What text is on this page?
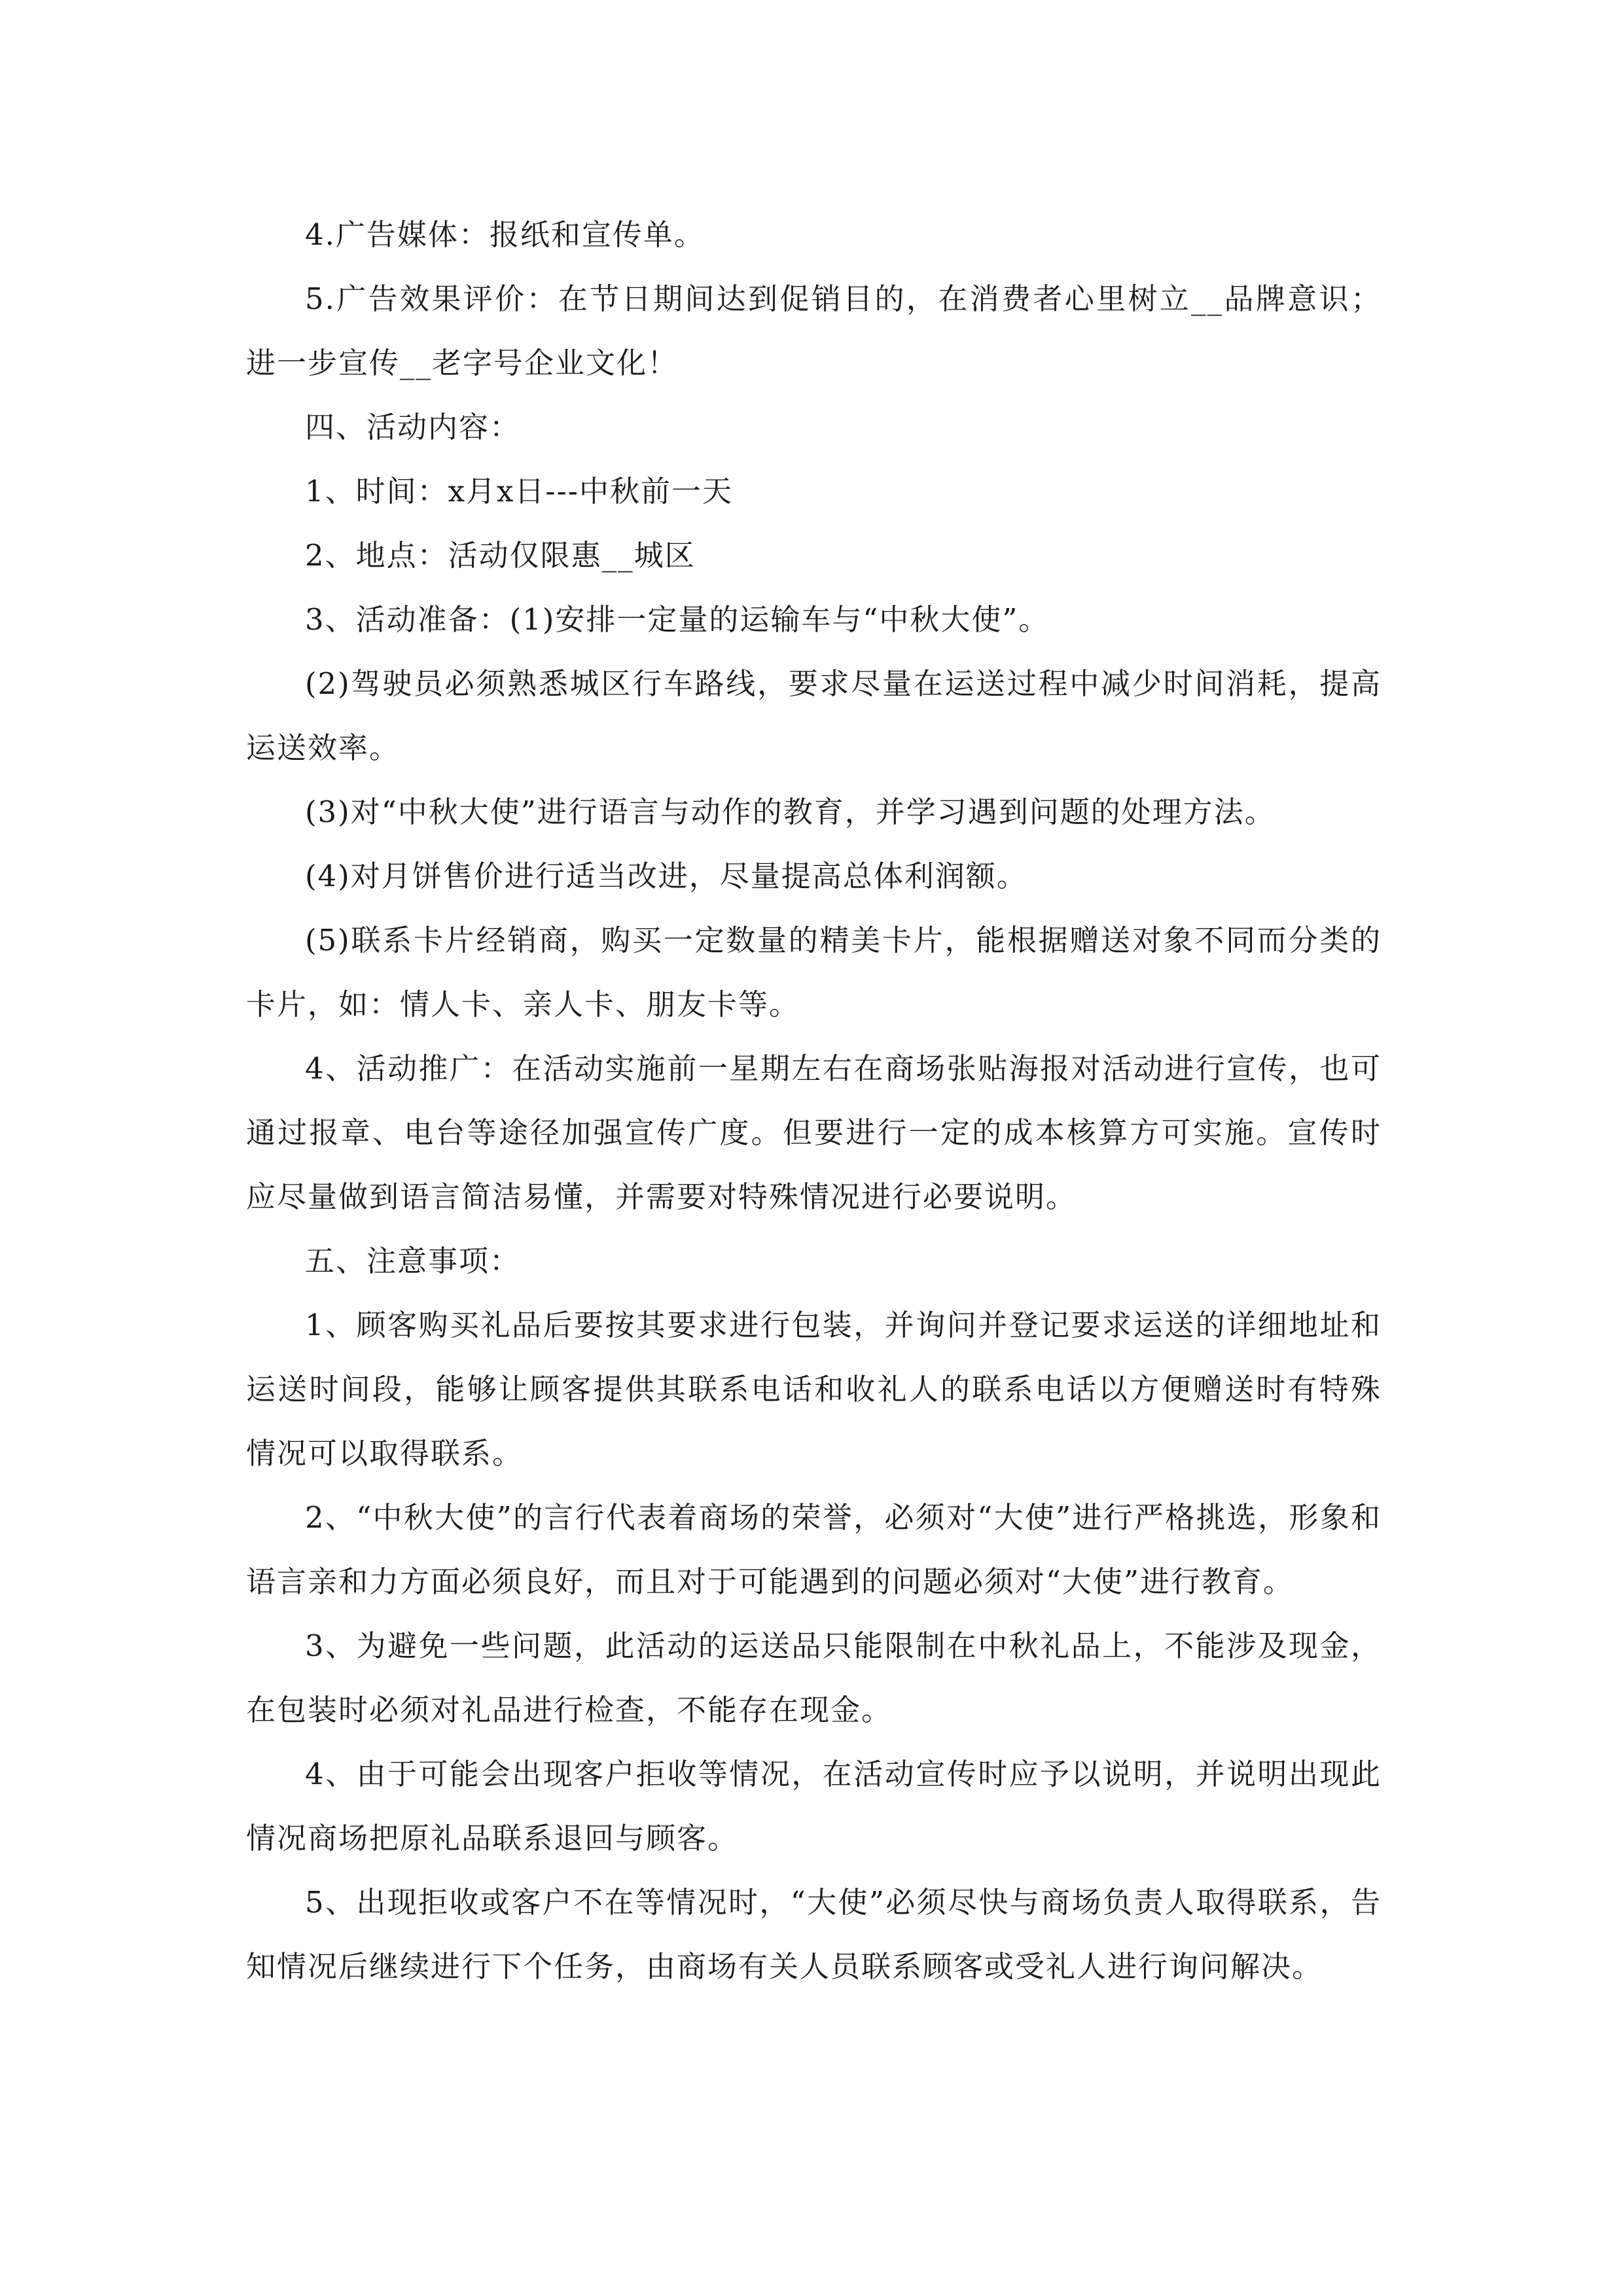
4.广告媒体：报纸和宣传单。

5.广告效果评价：在节日期间达到促销目的，在消费者心里树立__品牌意识；进一步宣传__老字号企业文化！

四、活动内容：

1、时间：x月x日---中秋前一天

2、地点：活动仅限惠__城区

3、活动准备：(1)安排一定量的运输车与“中秋大使”。

(2)驾驶员必须熟悉城区行车路线，要求尽量在运送过程中减少时间消耗，提高运送效率。

(3)对“中秋大使”进行语言与动作的教育，并学习遇到问题的处理方法。

(4)对月饼售价进行适当改进，尽量提高总体利润额。

(5)联系卡片经销商，购买一定数量的精美卡片，能根据赠送对象不同而分类的卡片，如：情人卡、亲人卡、朋友卡等。

4、活动推广：在活动实施前一星期左右在商场张贴海报对活动进行宣传，也可通过报章、电台等途径加强宣传广度。但要进行一定的成本核算方可实施。宣传时应尽量做到语言简洁易懂，并需要对特殊情况进行必要说明。

五、注意事项：

1、顾客购买礼品后要按其要求进行包装，并询问并登记要求运送的详细地址和运送时间段，能够让顾客提供其联系电话和收礼人的联系电话以方便赠送时有特殊情况可以取得联系。

2、“中秋大使”的言行代表着商场的荣誉，必须对“大使”进行严格挑选，形象和语言亲和力方面必须良好，而且对于可能遇到的问题必须对“大使”进行教育。

3、为避免一些问题，此活动的运送品只能限制在中秋礼品上，不能涉及现金，在包装时必须对礼品进行检查，不能存在现金。

4、由于可能会出现客户拒收等情况，在活动宣传时应予以说明，并说明出现此情况商场把原礼品联系退回与顾客。

5、出现拒收或客户不在等情况时，“大使”必须尽快与商场负责人取得联系，告知情况后继续进行下个任务，由商场有关人员联系顾客或受礼人进行询问解决。
